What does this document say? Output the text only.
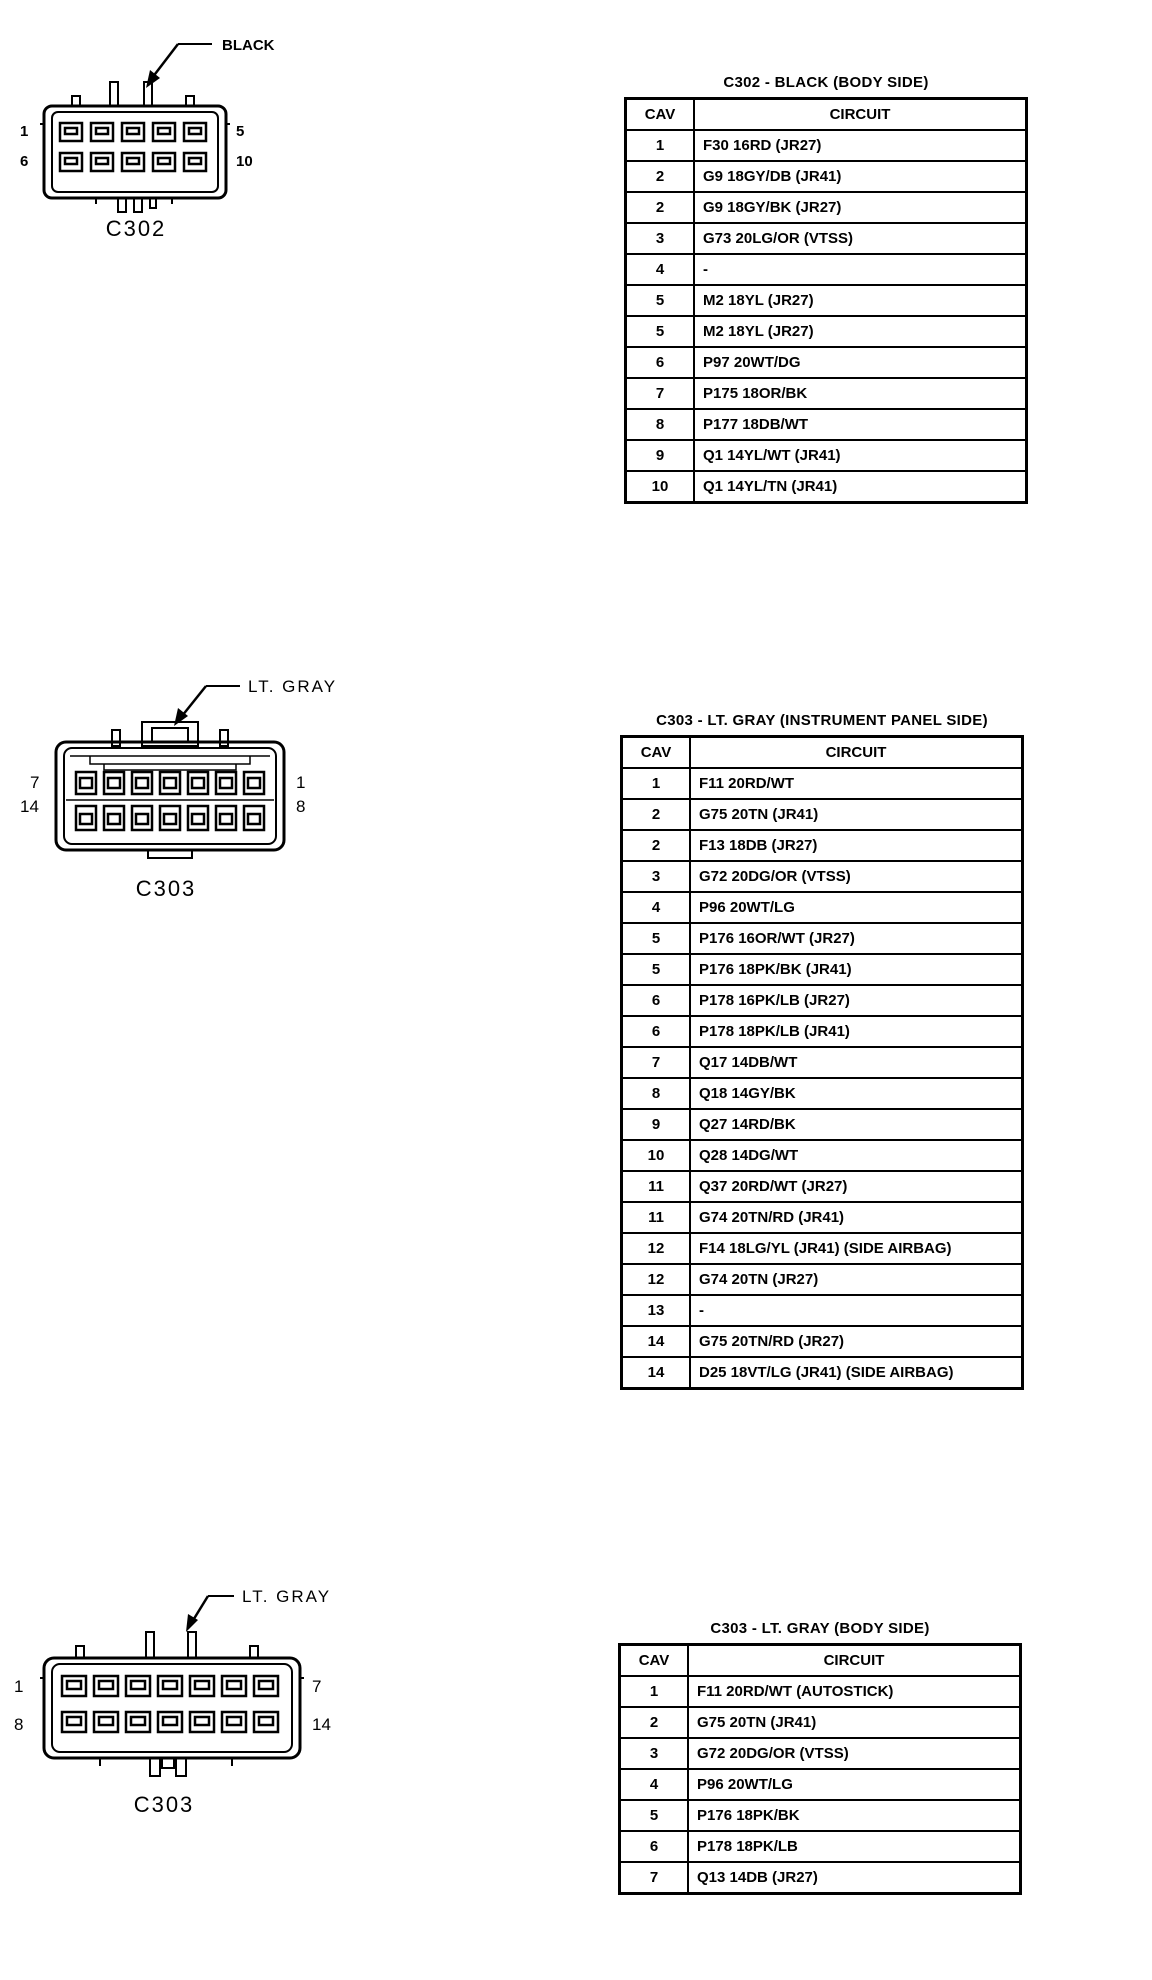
BLACK
1
6
5
10
C302
C302 - BLACK (BODY SIDE)
CAV	CIRCUIT
1	F30 16RD (JR27)
2	G9 18GY/DB (JR41)
2	G9 18GY/BK (JR27)
3	G73 20LG/OR (VTSS)
4	-
5	M2 18YL (JR27)
5	M2 18YL (JR27)
6	P97 20WT/DG
7	P175 18OR/BK
8	P177 18DB/WT
9	Q1 14YL/WT (JR41)
10	Q1 14YL/TN (JR41)
LT. GRAY
7
14
1
8
C303
C303 - LT. GRAY (INSTRUMENT PANEL SIDE)
CAV	CIRCUIT
1	F11 20RD/WT
2	G75 20TN (JR41)
2	F13 18DB (JR27)
3	G72 20DG/OR (VTSS)
4	P96 20WT/LG
5	P176 16OR/WT (JR27)
5	P176 18PK/BK (JR41)
6	P178 16PK/LB (JR27)
6	P178 18PK/LB (JR41)
7	Q17 14DB/WT
8	Q18 14GY/BK
9	Q27 14RD/BK
10	Q28 14DG/WT
11	Q37 20RD/WT (JR27)
11	G74 20TN/RD (JR41)
12	F14 18LG/YL (JR41) (SIDE AIRBAG)
12	G74 20TN (JR27)
13	-
14	G75 20TN/RD (JR27)
14	D25 18VT/LG (JR41) (SIDE AIRBAG)
LT. GRAY
1
8
7
14
C303
C303 - LT. GRAY (BODY SIDE)
CAV	CIRCUIT
1	F11 20RD/WT (AUTOSTICK)
2	G75 20TN (JR41)
3	G72 20DG/OR (VTSS)
4	P96 20WT/LG
5	P176 18PK/BK
6	P178 18PK/LB
7	Q13 14DB (JR27)
